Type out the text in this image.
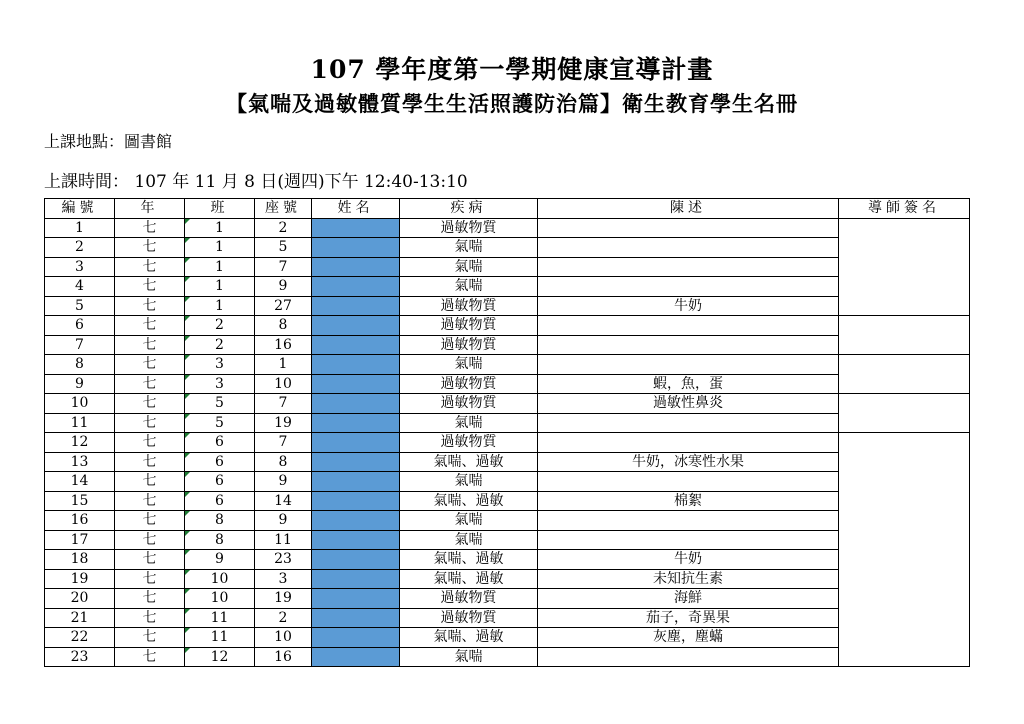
107 學年度第一學期健康宣導計畫
【氣喘及過敏體質學生生活照護防治篇】衛生教育學生名冊
上課地點：圖書館
上課時間： 107 年 11 月 8 日(週四)下午 12:40-13:10
編號	年	班	座號	姓名	疾病	陳述	導師簽名
1	七	1	2		過敏物質		
2	七	1	5		氣喘		
3	七	1	7		氣喘		
4	七	1	9		氣喘		
5	七	1	27		過敏物質	牛奶	
6	七	2	8		過敏物質		
7	七	2	16		過敏物質		
8	七	3	1		氣喘		
9	七	3	10		過敏物質	蝦，魚，蛋	
10	七	5	7		過敏物質	過敏性鼻炎	
11	七	5	19		氣喘		
12	七	6	7		過敏物質		
13	七	6	8		氣喘、過敏	牛奶，冰寒性水果	
14	七	6	9		氣喘		
15	七	6	14		氣喘、過敏	棉絮	
16	七	8	9		氣喘		
17	七	8	11		氣喘		
18	七	9	23		氣喘、過敏	牛奶	
19	七	10	3		氣喘、過敏	未知抗生素	
20	七	10	19		過敏物質	海鮮	
21	七	11	2		過敏物質	茄子，奇異果	
22	七	11	10		氣喘、過敏	灰塵，塵蟎	
23	七	12	16		氣喘		
